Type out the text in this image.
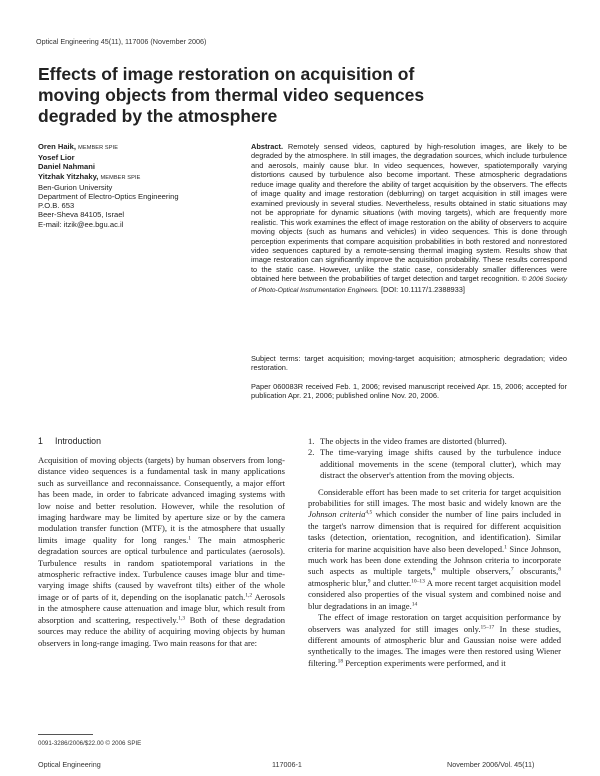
Optical Engineering 45(11), 117006 (November 2006)
Effects of image restoration on acquisition of moving objects from thermal video sequences degraded by the atmosphere
Oren Haik, MEMBER SPIE
Yosef Lior
Daniel Nahmani
Yitzhak Yitzhaky, MEMBER SPIE
Ben-Gurion University
Department of Electro-Optics Engineering
P.O.B. 653
Beer-Sheva 84105, Israel
E-mail: itzik@ee.bgu.ac.il
Abstract. Remotely sensed videos, captured by high-resolution images, are likely to be degraded by the atmosphere. In still images, the degradation sources, which include turbulence and aerosols, mainly cause blur. In video sequences, however, spatiotemporally varying distortions caused by turbulence also become important. These atmospheric degradations reduce image quality and therefore the ability of target acquisition by the observers. The effects of image quality and image restoration (deblurring) on target acquisition in still images were examined previously in several studies. Nevertheless, results obtained in static situations may not be appropriate for dynamic situations (with moving targets), which are frequently more realistic. This work examines the effect of image restoration on the ability of observers to acquire moving objects (such as humans and vehicles) in video sequences. This is done through perception experiments that compare acquisition probabilities in both restored and nonrestored video sequences captured by a remote-sensing thermal imaging system. Results show that image restoration can significantly improve the acquisition probability. These results correspond to the static case. However, unlike the static case, considerably smaller differences were obtained here between the probabilities of target detection and target recognition. © 2006 Society of Photo-Optical Instrumentation Engineers. [DOI: 10.1117/1.2388933]
Subject terms: target acquisition; moving-target acquisition; atmospheric degradation; video restoration.
Paper 060083R received Feb. 1, 2006; revised manuscript received Apr. 15, 2006; accepted for publication Apr. 21, 2006; published online Nov. 20, 2006.
1 Introduction

Acquisition of moving objects (targets) by human observers from long-distance video sequences is a fundamental task in many applications such as surveillance and reconnaissance. Consequently, a major effort has been made, in order to fabricate advanced imaging systems with low noise and better resolution. However, while the resolution of imaging hardware may be limited by aperture size or by the camera modulation transfer function (MTF), it is the atmosphere that usually limits image quality for long ranges.$^1$ The main atmospheric degradation sources are optical turbulence and particulates (aerosols). Turbulence results in random spatiotemporal variations in the atmospheric refractive index. Turbulence causes image blur and time-varying image shifts (caused by wavefront tilts) either of the whole image or of parts of it, depending on the isoplanatic patch.$^{1,2}$ Aerosols in the atmosphere cause attenuation and image blur, which result from absorption and scattering, respectively.$^{1,3}$ Both of these degradation sources may reduce the ability of acquiring moving objects by human observers in long-range imaging. Two main reasons for that are:

1. The objects in the video frames are distorted (blurred).
2. The time-varying image shifts caused by the turbulence induce additional movements in the scene (temporal clutter), which may distract the observer's attention from the moving objects.

Considerable effort has been made to set criteria for target acquisition probabilities for still images. The most basic and widely known are the Johnson criteria$^{4,5}$ which consider the number of line pairs included in the target's narrow dimension that is required for different acquisition tasks (detection, orientation, recognition, and identification). Similar criteria for marine acquisition have also been developed.$^1$ Since Johnson, much work has been done extending the Johnson criteria to incorporate such aspects as multiple targets,$^6$ multiple observers,$^7$ obscurants,$^8$ atmospheric blur,$^9$ and clutter.$^{10-13}$ A more recent target acquisition model considered also properties of the visual system and combined noise and blur degradations in an image.$^{14}$

The effect of image restoration on target acquisition performance by observers was analyzed for still images only.$^{15-17}$ In these studies, different amounts of atmospheric blur and Gaussian noise were added synthetically to the images. The images were then restored using Wiener filtering.$^{18}$ Perception experiments were performed, and it

0091-3286/2006/$22.00 © 2006 SPIE
Optical Engineering	117006-1	November 2006/Vol. 45(11)
